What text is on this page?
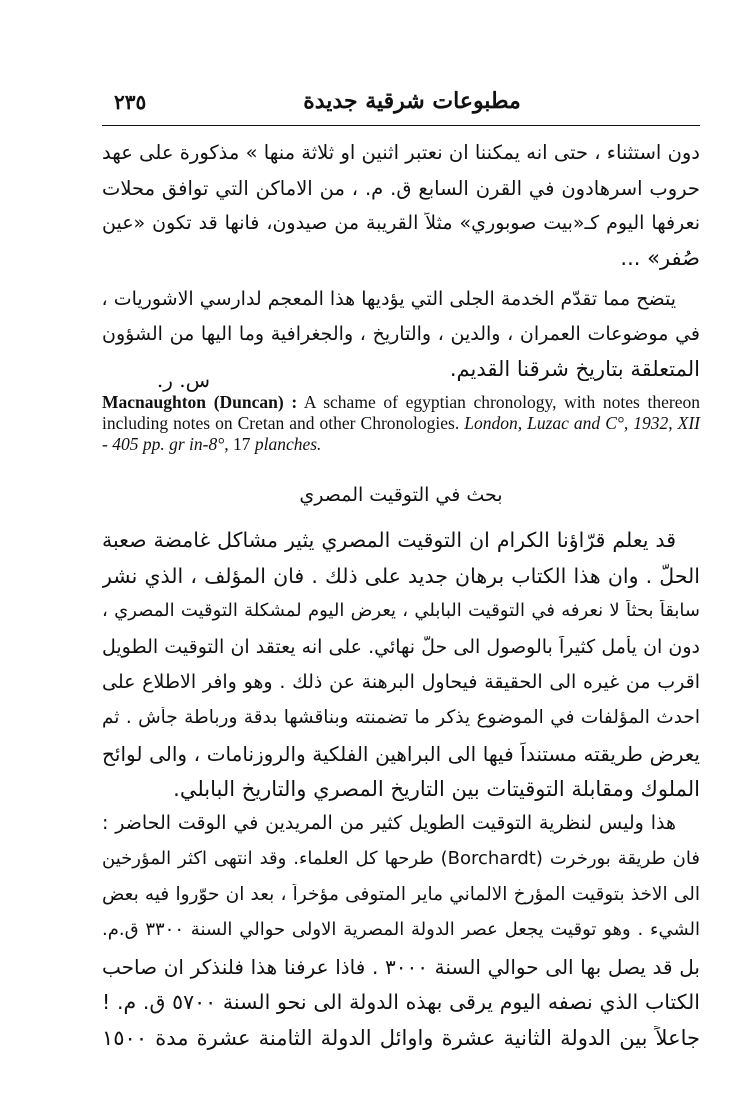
٢٣٥	مطبوعات شرقية جديدة
دون استثناء ، حتى انه يمكننا ان نعتبر اثنين او ثلاثة منها » مذكورة على عهد
حروب اسرهادون في القرن السابع ق. م. ، من الاماكن التي توافق محلات
نعرفها اليوم كـ«بيت صوبوري» مثلاً القريبة من صيدون، فانها قد تكون «عين
صُفر» ...
يتضح مما تقدّم الخدمة الجلى التي يؤديها هذا المعجم لدارسي الاشوريات ،
في موضوعات العمران ، والدين ، والتاريخ ، والجغرافية وما اليها من الشؤون
المتعلقة بتاريخ شرقنا القديم.
س. ر.
Macnaughton (Duncan) : A schame of egyptian chronology, with notes thereon including notes on Cretan and other Chronologies. London, Luzac and C°, 1932, XII - 405 pp. gr in-8°, 17 planches.
بحث في التوقيت المصري
قد يعلم قرّاؤنا الكرام ان التوقيت المصري يثير مشاكل غامضة صعبة
الحلّ . وان هذا الكتاب برهان جديد على ذلك . فان المؤلف ، الذي نشر
سابقاً بحثاً لا نعرفه في التوقيت البابلي ، يعرض اليوم لمشكلة التوقيت المصري ،
دون ان يأمل كثيراً بالوصول الى حلّ نهائي. على انه يعتقد ان التوقيت الطويل
اقرب من غيره الى الحقيقة فيحاول البرهنة عن ذلك . وهو وافر الاطلاع على
احدث المؤلفات في الموضوع يذكر ما تضمنته وبناقشها بدقة ورباطة جأش . ثم
يعرض طريقته مستنداً فيها الى البراهين الفلكية والروزنامات ، والى لوائح
الملوك ومقابلة التوقيتات بين التاريخ المصري والتاريخ البابلي.
هذا وليس لنظرية التوقيت الطويل كثير من المريدين في الوقت الحاضر :
فان طريقة بورخرت (Borchardt) طرحها كل العلماء. وقد انتهى اكثر المؤرخين
الى الاخذ بتوقيت المؤرخ الالماني ماير المتوفى مؤخراً ، بعد ان حوّروا فيه بعض
الشيء . وهو توقيت يجعل عصر الدولة المصرية الاولى حوالي السنة ٣٣٠٠ ق.م.
بل قد يصل بها الى حوالي السنة ٣٠٠٠ . فاذا عرفنا هذا فلنذكر ان صاحب
الكتاب الذي نصفه اليوم يرقى بهذه الدولة الى نحو السنة ٥٧٠٠ ق. م. !
جاعلاً بين الدولة الثانية عشرة واوائل الدولة الثامنة عشرة مدة ١٥٠٠
